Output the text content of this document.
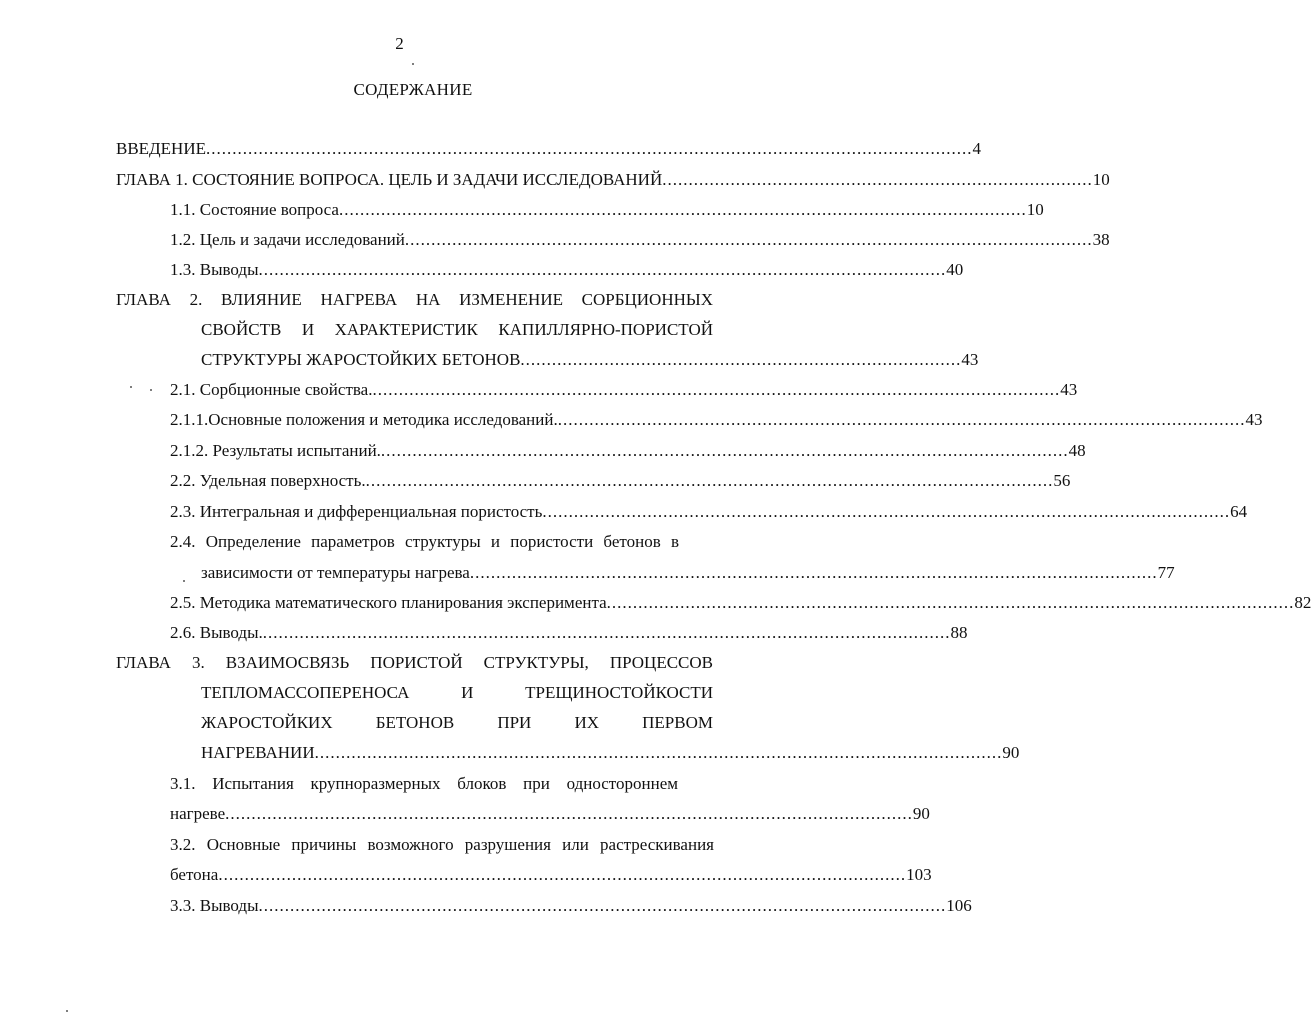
2
СОДЕРЖАНИЕ
ВВЕДЕНИЕ .................................................................................................................................................. 4
ГЛАВА 1. СОСТОЯНИЕ ВОПРОСА. ЦЕЛЬ И ЗАДАЧИ ИССЛЕДОВАНИЙ .................................................................................. 10
1.1. Состояние вопроса ................................................................................................................................... 10
1.2. Цель и задачи исследований ................................................................................................................................... 38
1.3. Выводы ................................................................................................................................... 40
ГЛАВА 2. ВЛИЯНИЕ НАГРЕВА НА ИЗМЕНЕНИЕ СОРБЦИОННЫХ
СВОЙСТВ И ХАРАКТЕРИСТИК КАПИЛЛЯРНО-ПОРИСТОЙ
СТРУКТУРЫ ЖАРОСТОЙКИХ БЕТОНОВ .................................................................................... 43
2.1. Сорбционные свойства. ................................................................................................................................... 43
2.1.1.Основные положения и методика исследований. ................................................................................................................................... 43
2.1.2. Результаты испытаний. ................................................................................................................................... 48
2.2. Удельная поверхность. ................................................................................................................................... 56
2.3. Интегральная и дифференциальная пористость ................................................................................................................................... 64
2.4. Определение параметров структуры и пористости бетонов в
зависимости от температуры нагрева ................................................................................................................................... 77
2.5. Методика математического планирования эксперимента ................................................................................................................................... 82
2.6. Выводы. ................................................................................................................................... 88
ГЛАВА 3. ВЗАИМОСВЯЗЬ ПОРИСТОЙ СТРУКТУРЫ, ПРОЦЕССОВ
ТЕПЛОМАССОПЕРЕНОСА И ТРЕЩИНОСТОЙКОСТИ
ЖАРОСТОЙКИХ БЕТОНОВ ПРИ ИХ ПЕРВОМ
НАГРЕВАНИИ ................................................................................................................................... 90
3.1. Испытания крупноразмерных блоков при одностороннем
нагреве ................................................................................................................................... 90
3.2. Основные причины возможного разрушения или растрескивания
бетона ................................................................................................................................... 103
3.3. Выводы ................................................................................................................................... 106
